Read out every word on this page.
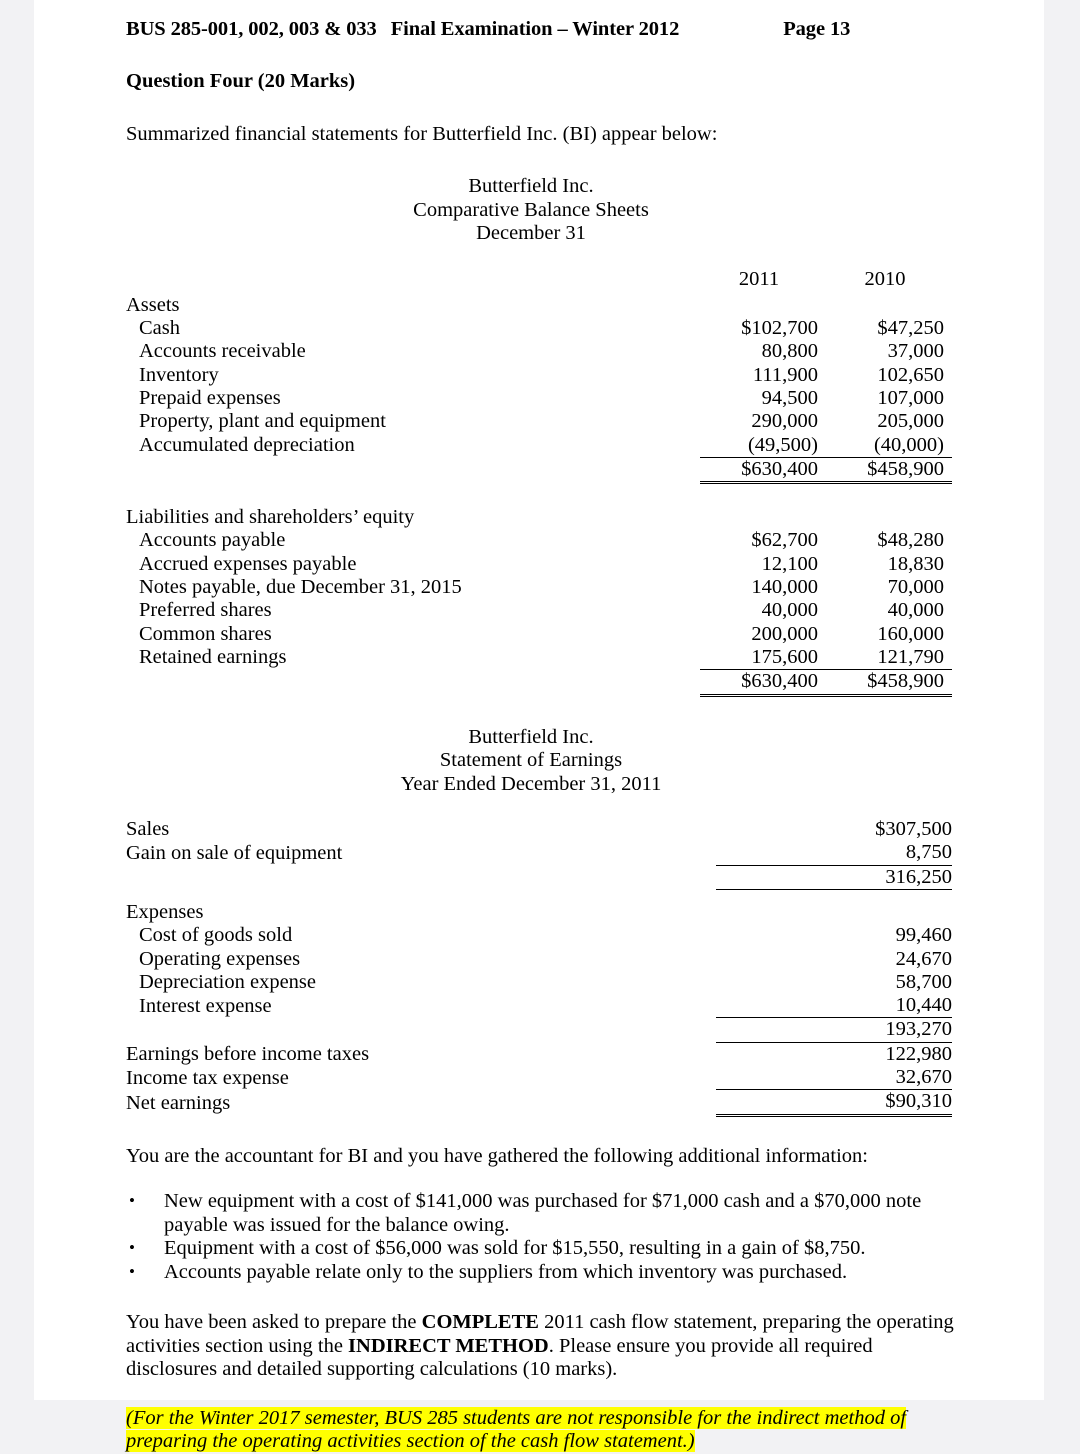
BUS 285-001, 002, 003 & 033 Final Examination – Winter 2012	Page 13
Question Four (20 Marks)
Summarized financial statements for Butterfield Inc. (BI) appear below:
Butterfield Inc.
Comparative Balance Sheets
December 31
	2011	2010
Assets		
Cash	$102,700	$47,250
Accounts receivable	80,800	37,000
Inventory	111,900	102,650
Prepaid expenses	94,500	107,000
Property, plant and equipment	290,000	205,000
Accumulated depreciation	(49,500)	(40,000)
	$630,400	$458,900

Liabilities and shareholders’ equity		
Accounts payable	$62,700	$48,280
Accrued expenses payable	12,100	18,830
Notes payable, due December 31, 2015	140,000	70,000
Preferred shares	40,000	40,000
Common shares	200,000	160,000
Retained earnings	175,600	121,790
	$630,400	$458,900
Butterfield Inc.
Statement of Earnings
Year Ended December 31, 2011
Sales	$307,500
Gain on sale of equipment	8,750
	316,250

Expenses	
Cost of goods sold	99,460
Operating expenses	24,670
Depreciation expense	58,700
Interest expense	10,440
	193,270
Earnings before income taxes	122,980
Income tax expense	32,670
Net earnings	$90,310
You are the accountant for BI and you have gathered the following additional information:
• New equipment with a cost of $141,000 was purchased for $71,000 cash and a $70,000 note payable was issued for the balance owing.
• Equipment with a cost of $56,000 was sold for $15,550, resulting in a gain of $8,750.
• Accounts payable relate only to the suppliers from which inventory was purchased.
You have been asked to prepare the COMPLETE 2011 cash flow statement, preparing the operating activities section using the INDIRECT METHOD. Please ensure you provide all required disclosures and detailed supporting calculations (10 marks).
(For the Winter 2017 semester, BUS 285 students are not responsible for the indirect method of
preparing the operating activities section of the cash flow statement.)
